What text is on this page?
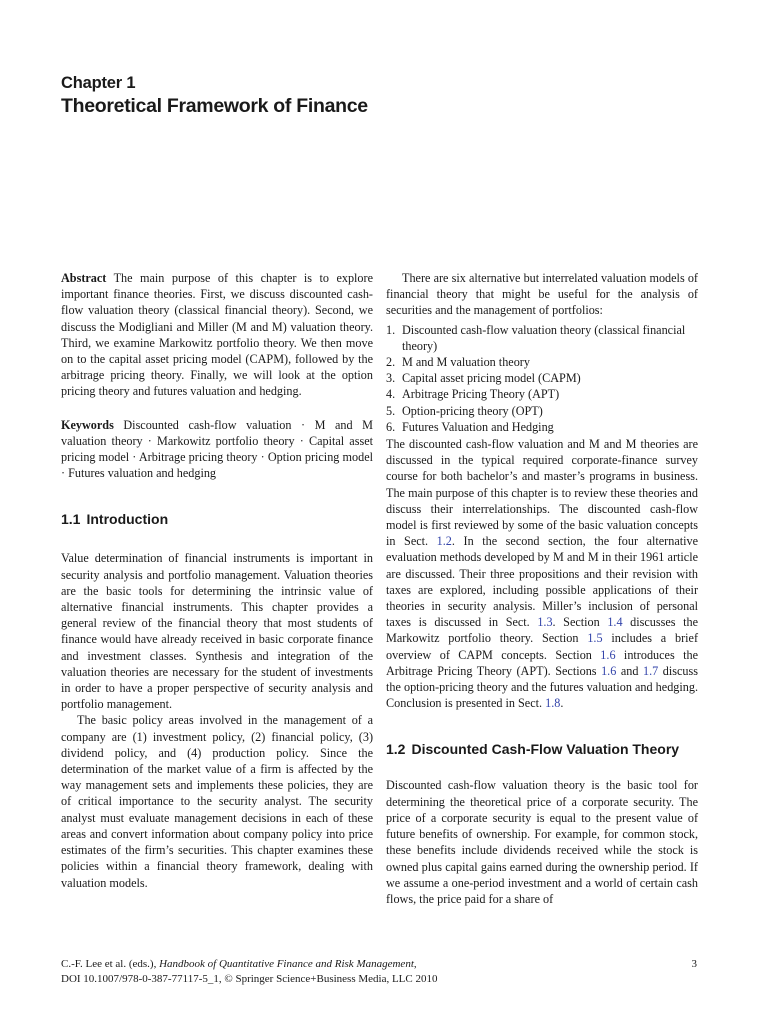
Chapter 1
Theoretical Framework of Finance

Abstract The main purpose of this chapter is to explore important finance theories. First, we discuss discounted cash-flow valuation theory (classical financial theory). Second, we discuss the Modigliani and Miller (M and M) valuation theory. Third, we examine Markowitz portfolio theory. We then move on to the capital asset pricing model (CAPM), followed by the arbitrage pricing theory. Finally, we will look at the option pricing theory and futures valuation and hedging.

Keywords Discounted cash-flow valuation · M and M valuation theory · Markowitz portfolio theory · Capital asset pricing model · Arbitrage pricing theory · Option pricing model · Futures valuation and hedging

1.1 Introduction

Value determination of financial instruments is important in security analysis and portfolio management. Valuation theories are the basic tools for determining the intrinsic value of alternative financial instruments. This chapter provides a general review of the financial theory that most students of finance would have already received in basic corporate finance and investment classes. Synthesis and integration of the valuation theories are necessary for the student of investments in order to have a proper perspective of security analysis and portfolio management.

The basic policy areas involved in the management of a company are (1) investment policy, (2) financial policy, (3) dividend policy, and (4) production policy. Since the determination of the market value of a firm is affected by the way management sets and implements these policies, they are of critical importance to the security analyst. The security analyst must evaluate management decisions in each of these areas and convert information about company policy into price estimates of the firm’s securities. This chapter examines these policies within a financial theory framework, dealing with valuation models.

There are six alternative but interrelated valuation models of financial theory that might be useful for the analysis of securities and the management of portfolios:

1. Discounted cash-flow valuation theory (classical financial theory)
2. M and M valuation theory
3. Capital asset pricing model (CAPM)
4. Arbitrage Pricing Theory (APT)
5. Option-pricing theory (OPT)
6. Futures Valuation and Hedging

The discounted cash-flow valuation and M and M theories are discussed in the typical required corporate-finance survey course for both bachelor’s and master’s programs in business. The main purpose of this chapter is to review these theories and discuss their interrelationships. The discounted cash-flow model is first reviewed by some of the basic valuation concepts in Sect. 1.2. In the second section, the four alternative evaluation methods developed by M and M in their 1961 article are discussed. Their three propositions and their revision with taxes are explored, including possible applications of their theories in security analysis. Miller’s inclusion of personal taxes is discussed in Sect. 1.3. Section 1.4 discusses the Markowitz portfolio theory. Section 1.5 includes a brief overview of CAPM concepts. Section 1.6 introduces the Arbitrage Pricing Theory (APT). Sections 1.6 and 1.7 discuss the option-pricing theory and the futures valuation and hedging. Conclusion is presented in Sect. 1.8.

1.2 Discounted Cash-Flow Valuation Theory

Discounted cash-flow valuation theory is the basic tool for determining the theoretical price of a corporate security. The price of a corporate security is equal to the present value of future benefits of ownership. For example, for common stock, these benefits include dividends received while the stock is owned plus capital gains earned during the ownership period. If we assume a one-period investment and a world of certain cash flows, the price paid for a share of

C.-F. Lee et al. (eds.), Handbook of Quantitative Finance and Risk Management,
DOI 10.1007/978-0-387-77117-5_1, © Springer Science+Business Media, LLC 2010
3
